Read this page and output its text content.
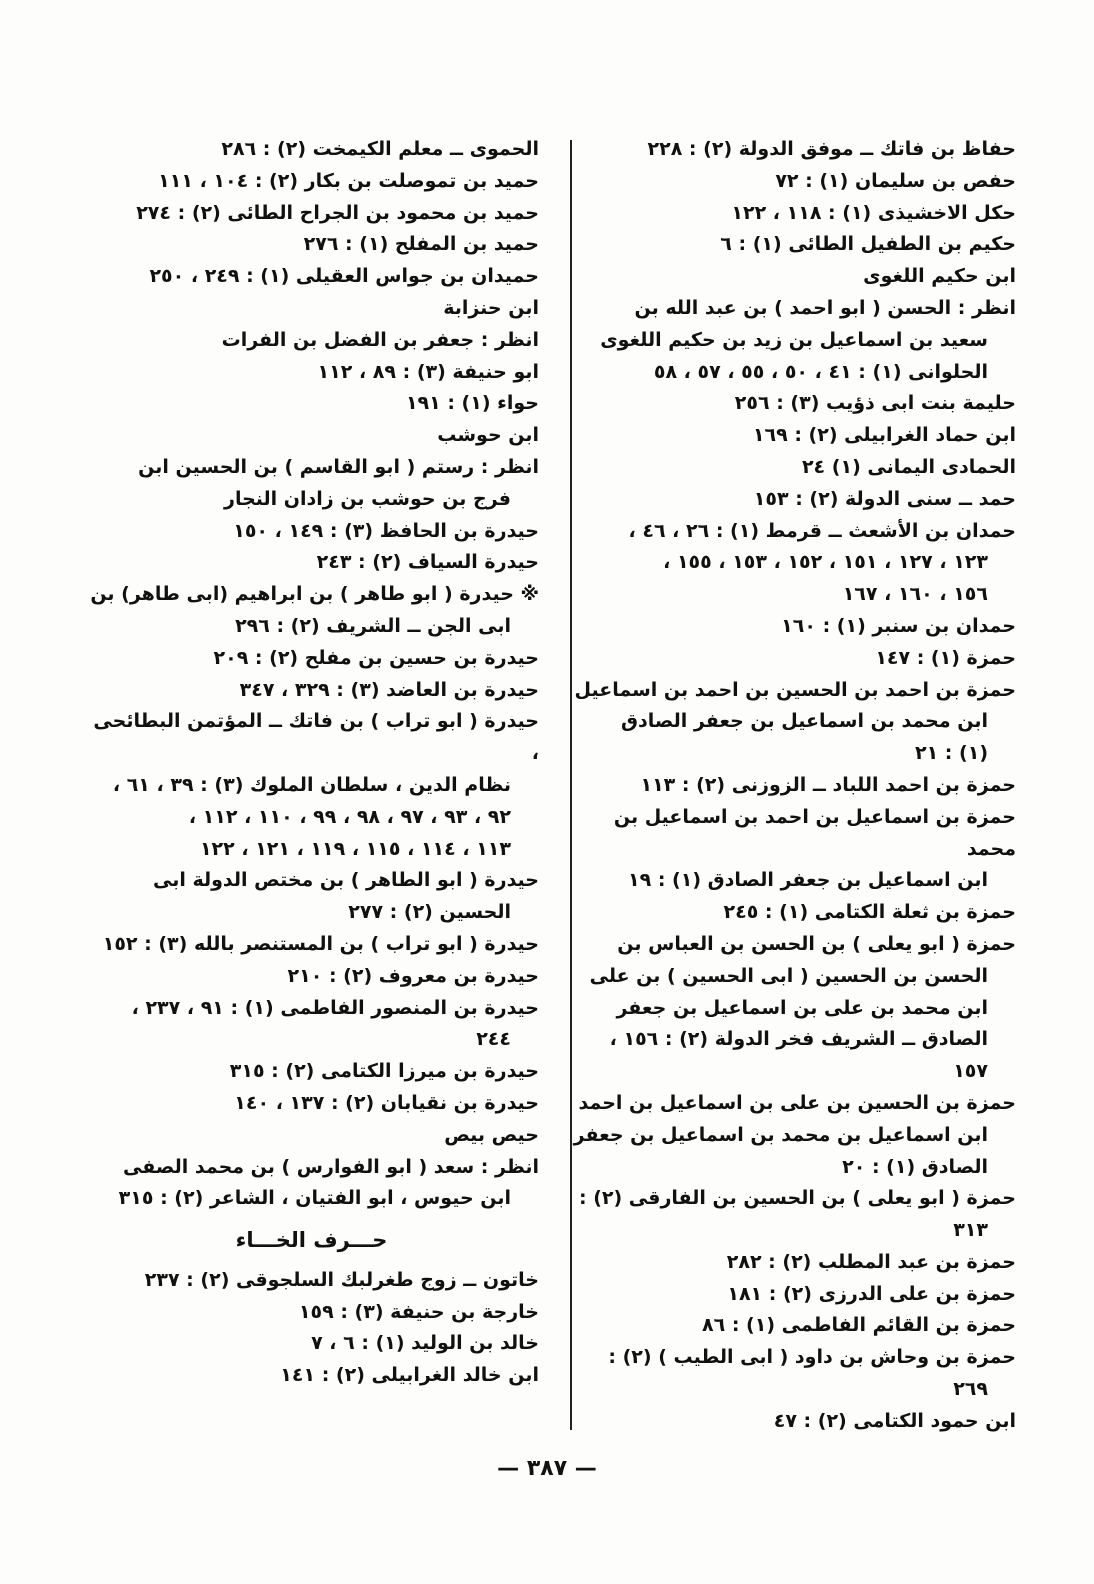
حفاظ بن فاتك ــ موفق الدولة (٢) : ٢٢٨
حفص بن سليمان (١) : ٧٢
حكل الاخشيذى (١) : ١١٨ ، ١٢٢
حكيم بن الطفيل الطائى (١) : ٦
ابن حكيم اللغوى
انظر : الحسن ( ابو احمد ) بن عبد الله بن
سعيد بن اسماعيل بن زيد بن حكيم اللغوى
الحلوانى (١) : ٤١ ، ٥٠ ، ٥٥ ، ٥٧ ، ٥٨
حليمة بنت ابى ذؤيب (٣) : ٢٥٦
ابن حماد الغرابيلى (٢) : ١٦٩
الحمادى اليمانى (١) ٢٤
حمد ــ سنى الدولة (٢) : ١٥٣
حمدان بن الأشعث ــ قرمط (١) : ٢٦ ، ٤٦ ،
١٢٣ ، ١٢٧ ، ١٥١ ، ١٥٢ ، ١٥٣ ، ١٥٥ ،
١٥٦ ، ١٦٠ ، ١٦٧
حمدان بن سنبر (١) : ١٦٠
حمزة (١) : ١٤٧
حمزة بن احمد بن الحسين بن احمد بن اسماعيل
ابن محمد بن اسماعيل بن جعفر الصادق
(١) : ٢١
حمزة بن احمد اللباد ــ الزوزنى (٢) : ١١٣
حمزة بن اسماعيل بن احمد بن اسماعيل بن محمد
ابن اسماعيل بن جعفر الصادق (١) : ١٩
حمزة بن ثعلة الكتامى (١) : ٢٤٥
حمزة ( ابو يعلى ) بن الحسن بن العباس بن
الحسن بن الحسين ( ابى الحسين ) بن على
ابن محمد بن على بن اسماعيل بن جعفر
الصادق ــ الشريف فخر الدولة (٢) : ١٥٦ ،
١٥٧
حمزة بن الحسين بن على بن اسماعيل بن احمد
ابن اسماعيل بن محمد بن اسماعيل بن جعفر
الصادق (١) : ٢٠
حمزة ( ابو يعلى ) بن الحسين بن الفارقى (٢) :
٣١٣
حمزة بن عبد المطلب (٢) : ٢٨٢
حمزة بن على الدرزى (٢) : ١٨١
حمزة بن القائم الفاطمى (١) : ٨٦
حمزة بن وحاش بن داود ( ابى الطيب ) (٢) :
٢٦٩
ابن حمود الكتامى (٢) : ٤٧
الحموى ــ معلم الكيمخت (٢) : ٢٨٦
حميد بن تموصلت بن بكار (٢) : ١٠٤ ، ١١١
حميد بن محمود بن الجراح الطائى (٢) : ٢٧٤
حميد بن المفلح (١) : ٢٧٦
حميدان بن جواس العقيلى (١) : ٢٤٩ ، ٢٥٠
ابن حنزابة
انظر : جعفر بن الفضل بن الفرات
ابو حنيفة (٣) : ٨٩ ، ١١٢
حواء (١) : ١٩١
ابن حوشب
انظر : رستم ( ابو القاسم ) بن الحسين ابن
فرج بن حوشب بن زادان النجار
حيدرة بن الحافظ (٣) : ١٤٩ ، ١٥٠
حيدرة السياف (٢) : ٢٤٣
※ حيدرة ( ابو طاهر ) بن ابراهيم (ابى طاهر) بن
ابى الجن ــ الشريف (٢) : ٢٩٦
حيدرة بن حسين بن مفلح (٢) : ٢٠٩
حيدرة بن العاضد (٣) : ٣٢٩ ، ٣٤٧
حيدرة ( ابو تراب ) بن فاتك ــ المؤتمن البطائحى ،
نظام الدين ، سلطان الملوك (٣) : ٣٩ ، ٦١ ،
٩٢ ، ٩٣ ، ٩٧ ، ٩٨ ، ٩٩ ، ١١٠ ، ١١٢ ،
١١٣ ، ١١٤ ، ١١٥ ، ١١٩ ، ١٢١ ، ١٢٢
حيدرة ( ابو الطاهر ) بن مختص الدولة ابى
الحسين (٢) : ٢٧٧
حيدرة ( ابو تراب ) بن المستنصر بالله (٣) : ١٥٢
حيدرة بن معروف (٢) : ٢١٠
حيدرة بن المنصور الفاطمى (١) : ٩١ ، ٢٣٧ ،
٢٤٤
حيدرة بن ميرزا الكتامى (٢) : ٣١٥
حيدرة بن نقيابان (٢) : ١٣٧ ، ١٤٠
حيص بيص
انظر : سعد ( ابو الفوارس ) بن محمد الصفى
ابن حيوس ، ابو الفتيان ، الشاعر (٢) : ٣١٥
حـــرف الخـــاء
خاتون ــ زوج طغرلبك السلجوقى (٢) : ٢٣٧
خارجة بن حنيفة (٣) : ١٥٩
خالد بن الوليد (١) : ٦ ، ٧
ابن خالد الغرابيلى (٢) : ١٤١
— ٣٨٧ —
